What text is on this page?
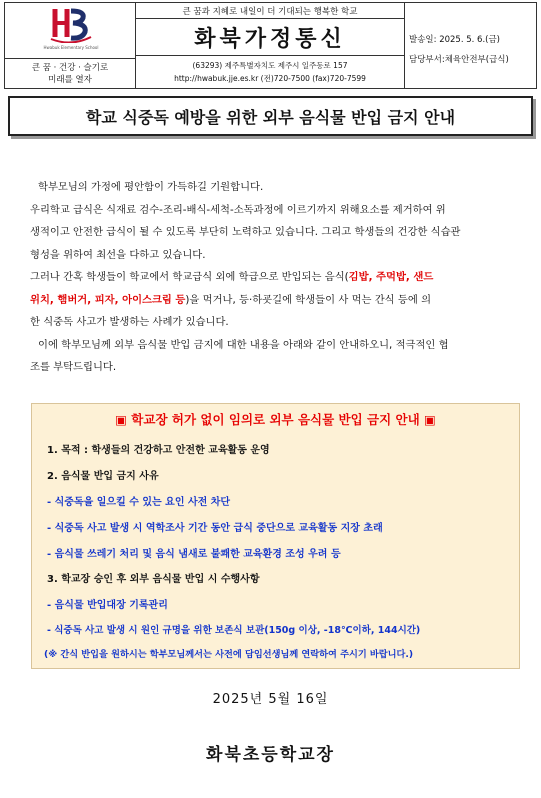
Hwabuk Elementary School
큰 꿈 · 건강 · 슬기로
미래를 열자
큰 꿈과 지혜로 내일이 더 기대되는 행복한 학교
화북가정통신
(63293) 제주특별자치도 제주시 일주동로 157
http://hwabuk.jje.es.kr (전)720-7500 (fax)720-7599
발송일: 2025. 5. 6.(금)
담당부서:체육안전부(급식)
학교 식중독 예방을 위한 외부 음식물 반입 금지 안내

학부모님의 가정에 평안함이 가득하길 기원합니다.

우리학교 급식은 식재료 검수-조리-배식-세척-소독과정에 이르기까지 위해요소를 제거하여 위

생적이고 안전한 급식이 될 수 있도록 부단히 노력하고 있습니다. 그리고 학생들의 건강한 식습관

형성을 위하여 최선을 다하고 있습니다.

그러나 간혹 학생들이 학교에서 학교급식 외에 학급으로 반입되는 음식(김밥, 주먹밥, 샌드

위치, 햄버거, 피자, 아이스크림 등)을 먹거나, 등·하굣길에 학생들이 사 먹는 간식 등에 의

한 식중독 사고가 발생하는 사례가 있습니다.

이에 학부모님께 외부 음식물 반입 금지에 대한 내용을 아래와 같이 안내하오니, 적극적인 협

조를 부탁드립니다.

▣ 학교장 허가 없이 임의로 외부 음식물 반입 금지 안내 ▣
1. 목적 : 학생들의 건강하고 안전한 교육활동 운영
2. 음식물 반입 금지 사유
- 식중독을 일으킬 수 있는 요인 사전 차단
- 식중독 사고 발생 시 역학조사 기간 동안 급식 중단으로 교육활동 지장 초래
- 음식물 쓰레기 처리 및 음식 냄새로 불쾌한 교육환경 조성 우려 등
3. 학교장 승인 후 외부 음식물 반입 시 수행사항
- 음식물 반입대장 기록관리
- 식중독 사고 발생 시 원인 규명을 위한 보존식 보관(150g 이상, -18℃이하, 144시간)
(※ 간식 반입을 원하시는 학부모님께서는 사전에 담임선생님께 연락하여 주시기 바랍니다.)
2025년 5월 16일
화북초등학교장
